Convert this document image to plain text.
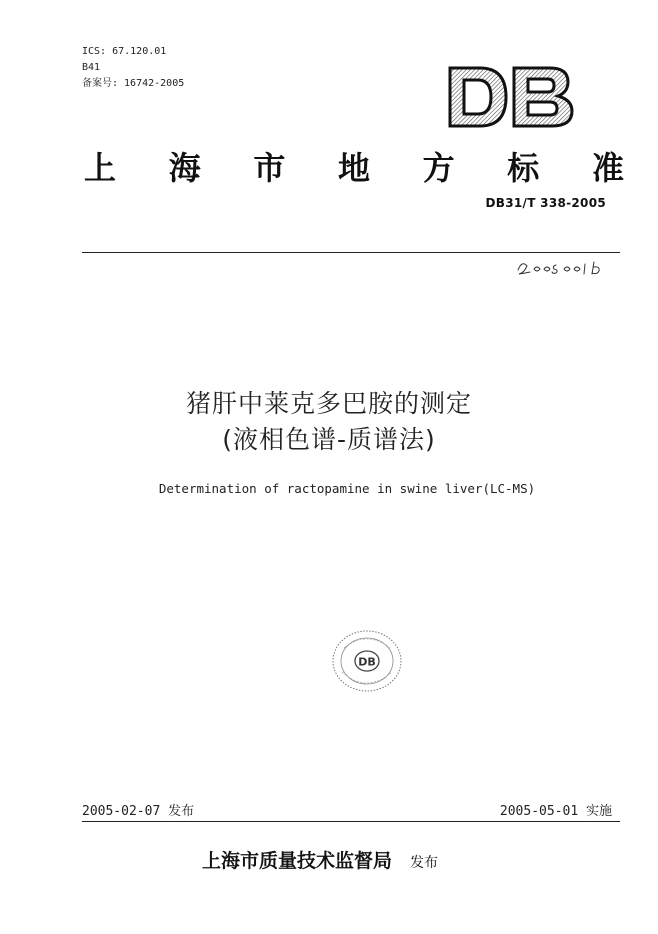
ICS: 67.120.01
B41
备案号: 16742-2005
上 海 市 地 方 标 准
DB31/T 338-2005
猪肝中莱克多巴胺的测定
(液相色谱-质谱法)
Determination of ractopamine in swine liver(LC-MS)
DB
2005-02-07 发布	2005-05-01 实施
上海市质量技术监督局 发布
